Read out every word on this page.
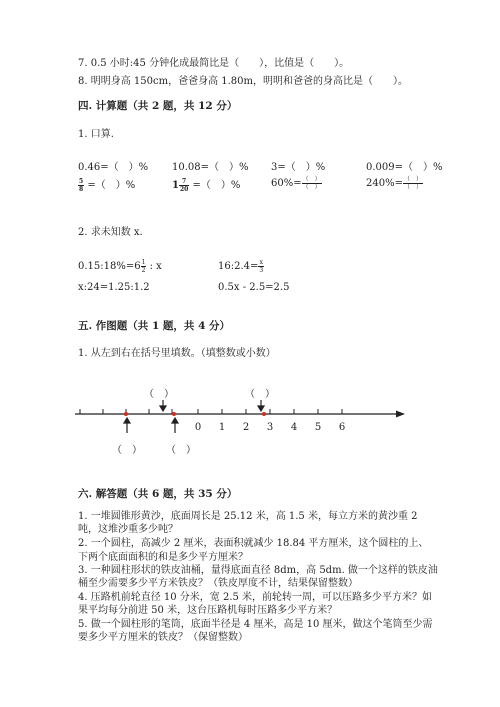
7. 0.5 小时:45 分钟化成最简比是（　　），比值是（　　）。
8. 明明身高 150cm，爸爸身高 1.80m，明明和爸爸的身高比是（　　）。
四. 计算题（共 2 题，共 12 分）
1. 口算.
0.46=（　）% 10.08=（　）% 3=（　）%	0.009=（　）%
$\frac{5}{8}$ =（　）%	$1 \frac{7}{20}$ =（　）%	$60\%= \frac{( )}{( )}$	$240\%= \frac{( )}{( )}$
2. 求未知数 x.
0.15:18%=6 $\frac{1}{2}$ : x	16:2.4= $\frac{x}{3}$
x:24=1.25:1.2	0.5x - 2.5=2.5
五. 作图题（共 1 题，共 4 分）
1. 从左到右在括号里填数。（填整数或小数）
（　）	（　）
（　） （　）
0 1 2 3 4 5 6
六. 解答题（共 6 题，共 35 分）
1. 一堆圆锥形黄沙，底面周长是 25.12 米，高 1.5 米，每立方米的黄沙重 2
吨，这堆沙重多少吨？
2. 一个圆柱，高减少 2 厘米，表面积就减少 18.84 平方厘米，这个圆柱的上、
下两个底面面积的和是多少平方厘米？
3. 一种圆柱形状的铁皮油桶，量得底面直径 8dm，高 5dm. 做一个这样的铁皮油
桶至少需要多少平方米铁皮？（铁皮厚度不计，结果保留整数）
4. 压路机前轮直径 10 分米，宽 2.5 米，前轮转一周，可以压路多少平方米？如
果平均每分前进 50 米，这台压路机每时压路多少平方米？
5. 做一个圆柱形的笔筒，底面半径是 4 厘米，高是 10 厘米，做这个笔筒至少需
要多少平方厘米的铁皮？（保留整数）
